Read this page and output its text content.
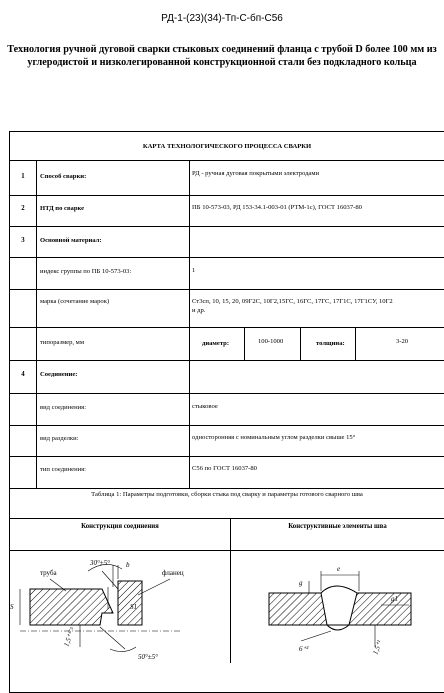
РД-1-(23)(34)-Тп-С-бп-С56
Технология ручной дуговой сварки стыковых соединений фланца с трубой D более 100 мм из углеродистой и низколегированной конструкционной стали без подкладного кольца
КАРТА ТЕХНОЛОГИЧЕСКОГО ПРОЦЕССА СВАРКИ
1	Способ сварки:	РД - ручная дуговая покрытыми электродами
2	НТД по сварке	ПБ 10-573-03, РД 153-34.1-003-01 (РТМ-1с), ГОСТ 16037-80
3	Основной материал:
индекс группы по ПБ 10-573-03:	1
марка (сочетание марок)	Ст3сп, 10, 15, 20, 09Г2С, 10Г2,15ГС, 16ГС, 17ГС, 17Г1С, 17Г1СУ, 10Г2
и др.
типоразмер, мм	диаметр:	100-1000	толщина:	3-20
4	Соединение:
вид соединения:	стыковое
вид разделки:	односторонняя с номинальным углом разделки свыше 15°
тип соединения:	С56 по ГОСТ 16037-80
Таблица 1: Параметры подготовки, сборки стыка под сварку и параметры готового сварного шва
Конструкция соединения	Конструктивные элементы шва
труба	фланец
30°±5° b
S	S1
1,5⁺⁰˙⁵
50°±5°
e
g
g1
6⁺²	1,5⁺¹
